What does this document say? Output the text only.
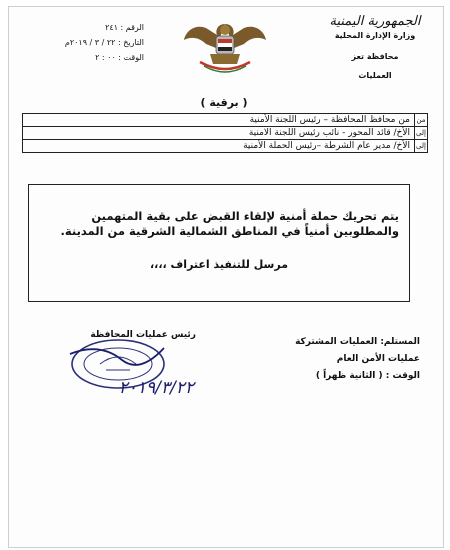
الجمهورية اليمنية
وزارة الإدارة المحلية
محافظة تعز
العمليات
الرقم : ٢٤١
التاريخ : ٢٢ / ٣ / ٢٠١٩م
الوقت : ٠٠ : ٢
( برقية )
من	من محافظ المحافظة – رئيس اللجنة الأمنية
إلى	الأخ/ قائد المحور - نائب رئيس اللجنة الامنية
إلى	الأخ/ مدير عام الشرطة –رئيس الحملة الأمنية
يتم تحريك حملة أمنية لإلقاء القبض على بقية المتهمين والمطلوبين أمنياً في المناطق الشمالية الشرقية من المدينة.
مرسل للتنفيذ اعتراف ،،،،
المستلم: العمليات المشتركة
عمليات الأمن العام
الوقت : ( الثانية ظهراً )
رئيس عمليات المحافظة
٢٠١٩/٣/٢٢
